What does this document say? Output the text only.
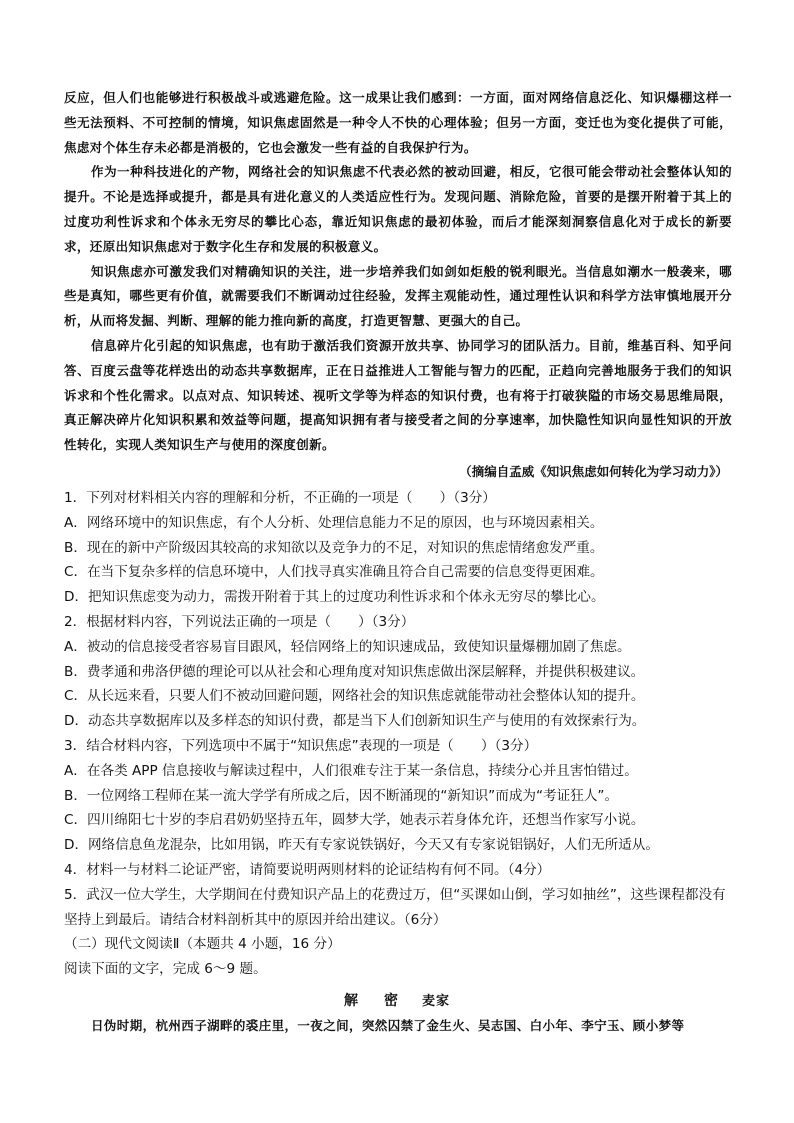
反应，但人们也能够进行积极战斗或逃避危险。这一成果让我们感到：一方面，面对网络信息泛化、知识爆棚这样一些无法预料、不可控制的情境，知识焦虑固然是一种令人不快的心理体验；但另一方面，变迁也为变化提供了可能，焦虑对个体生存未必都是消极的，它也会激发一些有益的自我保护行为。

作为一种科技进化的产物，网络社会的知识焦虑不代表必然的被动回避，相反，它很可能会带动社会整体认知的提升。不论是选择或提升，都是具有进化意义的人类适应性行为。发现问题、消除危险，首要的是摆开附着于其上的过度功利性诉求和个体永无穷尽的攀比心态，靠近知识焦虑的最初体验，而后才能深刻洞察信息化对于成长的新要求，还原出知识焦虑对于数字化生存和发展的积极意义。

知识焦虑亦可激发我们对精确知识的关注，进一步培养我们如剑如炬般的锐利眼光。当信息如潮水一般袭来，哪些是真知，哪些更有价值，就需要我们不断调动过往经验，发挥主观能动性，通过理性认识和科学方法审慎地展开分析，从而将发掘、判断、理解的能力推向新的高度，打造更智慧、更强大的自己。

信息碎片化引起的知识焦虑，也有助于激活我们资源开放共享、协同学习的团队活力。目前，维基百科、知乎问答、百度云盘等花样迭出的动态共享数据库，正在日益推进人工智能与智力的匹配，正趋向完善地服务于我们的知识诉求和个性化需求。以点对点、知识转述、视听文学等为样态的知识付费，也有将于打破狭隘的市场交易思维局限，真正解决碎片化知识积累和效益等问题，提高知识拥有者与接受者之间的分享速率，加快隐性知识向显性知识的开放性转化，实现人类知识生产与使用的深度创新。

（摘编自孟威《知识焦虑如何转化为学习动力》）

1．下列对材料相关内容的理解和分析，不正确的一项是（　　）（3分）

A．网络环境中的知识焦虑，有个人分析、处理信息能力不足的原因，也与环境因素相关。

B．现在的新中产阶级因其较高的求知欲以及竞争力的不足，对知识的焦虑情绪愈发严重。

C．在当下复杂多样的信息环境中，人们找寻真实准确且符合自己需要的信息变得更困难。

D．把知识焦虑变为动力，需拨开附着于其上的过度功利性诉求和个体永无穷尽的攀比心。

2．根据材料内容，下列说法正确的一项是（　　）（3分）

A．被动的信息接受者容易盲目跟风，轻信网络上的知识速成品，致使知识量爆棚加剧了焦虑。

B．费孝通和弗洛伊德的理论可以从社会和心理角度对知识焦虑做出深层解释，并提供积极建议。

C．从长远来看，只要人们不被动回避问题，网络社会的知识焦虑就能带动社会整体认知的提升。

D．动态共享数据库以及多样态的知识付费，都是当下人们创新知识生产与使用的有效探索行为。

3．结合材料内容，下列选项中不属于“知识焦虑”表现的一项是（　　）（3分）

A．在各类 APP 信息接收与解读过程中，人们很难专注于某一条信息，持续分心并且害怕错过。

B．一位网络工程师在某一流大学学有所成之后，因不断涌现的“新知识”而成为“考证狂人”。

C．四川绵阳七十岁的李启君奶奶坚持五年，圆梦大学，她表示若身体允许，还想当作家写小说。

D．网络信息鱼龙混杂，比如用锅，昨天有专家说铁锅好，今天又有专家说铝锅好，人们无所适从。

4．材料一与材料二论证严密，请简要说明两则材料的论证结构有何不同。（4分）

5．武汉一位大学生，大学期间在付费知识产品上的花费过万，但“买课如山倒，学习如抽丝”，这些课程都没有坚持上到最后。请结合材料剖析其中的原因并给出建议。（6分）

（二）现代文阅读Ⅱ（本题共 4 小题，16 分）

阅读下面的文字，完成 6～9 题。

解　密 麦家
日伪时期，杭州西子湖畔的裘庄里，一夜之间，突然囚禁了金生火、吴志国、白小年、李宁玉、顾小梦等
